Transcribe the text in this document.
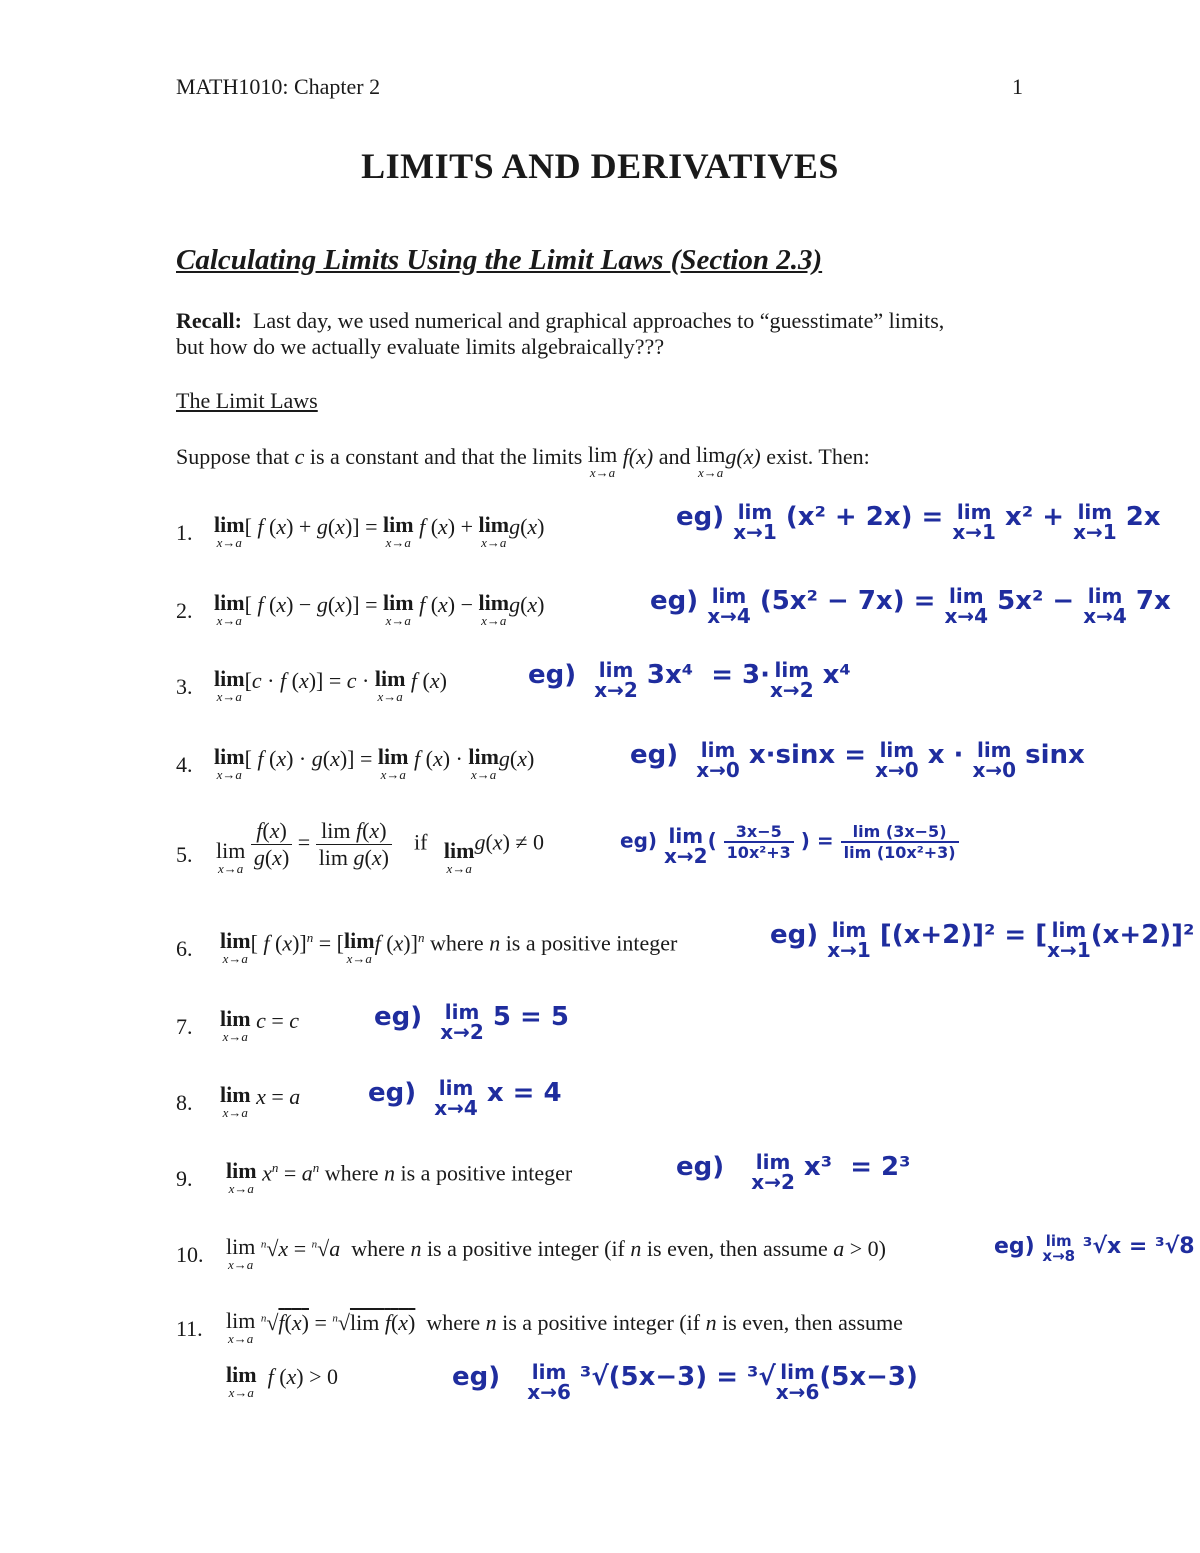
MATH1010: Chapter 2	1
LIMITS AND DERIVATIVES
Calculating Limits Using the Limit Laws (Section 2.3)
Recall: Last day, we used numerical and graphical approaches to “guesstimate” limits,
but how do we actually evaluate limits algebraically???
The Limit Laws
Suppose that c is a constant and that the limits lim
x→a
f(x) and lim
x→a
g(x) exist. Then:
1. lim
x→a
[ f (x) + g(x)] = lim
x→a
f (x) + lim
x→a
g(x)	eg) lim
x→1 (x² + 2x) = lim
x→1 x² + lim
x→1 2x
2. lim
x→a
[ f (x) − g(x)] = lim
x→a
f (x) − lim
x→a
g(x)	eg) lim
x→4 (5x² − 7x) = lim
x→4 5x² − lim
x→4 7x
3. lim
x→a
[c · f (x)] = c · lim
x→a
f (x)	eg) lim
x→2 3x⁴  = 3· lim
x→2 x⁴
4. lim
x→a
[ f (x) · g(x)] = lim
x→a
f (x) · lim
x→a
g(x)	eg) lim
x→0 x·sinx = lim
x→0 x · lim
x→0 sinx
5. lim
x→a
$\frac{f(x)}{g(x)} = \frac{\text{lim f(x)}}{\text{lim g(x)}}$ if   lim
x→a
g(x) ≠ 0	eg) lim
x→2
( $\frac{3x-5}{\text{10x²+3}}$ ) = $\frac{\lim (3x-5)}{\text{lim (10x²+3)}}$
6. lim
x→a
[ f (x)]$^n$ = [lim
x→a
f (x)]$^n$ where n is a positive integer	eg) lim
x→1 [(x+2)]² = [ lim
x→1 (x+2)]²
7. lim
x→a
c = c	eg) lim
x→2 5 = 5
8. lim
x→a
x = a	eg) lim
x→4 x = 4
9. lim
x→a
$x^n = a^n$ where n is a positive integer	eg) lim
x→2 x³  = 2³
10. lim
x→a
$^n$√x = $^n$√a  where n is a positive integer (if n is even, then assume a > 0)	eg) lim
x→8 ³√x = ³√8
11. lim
x→a
$^n$√f(x) = $^n$√lim f(x)  where n is a positive integer (if n is even, then assume
lim
x→a
f (x) > 0	eg) lim
x→6 ³√(5x−3) = ³√ lim
x→6 (5x−3)
lim[ f (x) + g(x)] = lim f (x) + lim g(x) eg) lim (x² + 2x) = lim x² + lim 2x lim[ f (x) − g(x)] = lim f (x) − lim g(x) eg) lim (5x² − 7x) = lim 5x² − lim 7x lim[c · f (x)] = c · lim f (x) eg) lim 3x⁴ = 3 · lim x⁴ lim[ f (x) · g(x)] = lim f (x) · lim g(x) eg) lim x·sinx = lim x · lim sinx lim f(x)/g(x) = lim f(x) / lim g(x) if lim g(x) ≠ 0 eg) lim (3x−5)/(10x²+3) = lim (3x−5) / lim (10x²+3) lim[ f (x)]ⁿ = [lim f (x)]ⁿ where n is a positive integer eg) lim [(x+2)]² = [lim (x+2)]² lim c = c eg) lim 5 = 5 lim x = a eg) lim x = 4 lim xⁿ = aⁿ where n is a positive integer eg) lim x³ = 2³ lim ⁿ√x = ⁿ√a where n is a positive integer (if n is even, then assume a > 0) eg) lim ³√x = ³√8 lim ⁿ√f(x) = ⁿ√lim f(x) where n is a positive integer (if n is even, then assume lim f (x) > 0 eg) lim ³√(5x−3) = ³√lim (5x−3)
